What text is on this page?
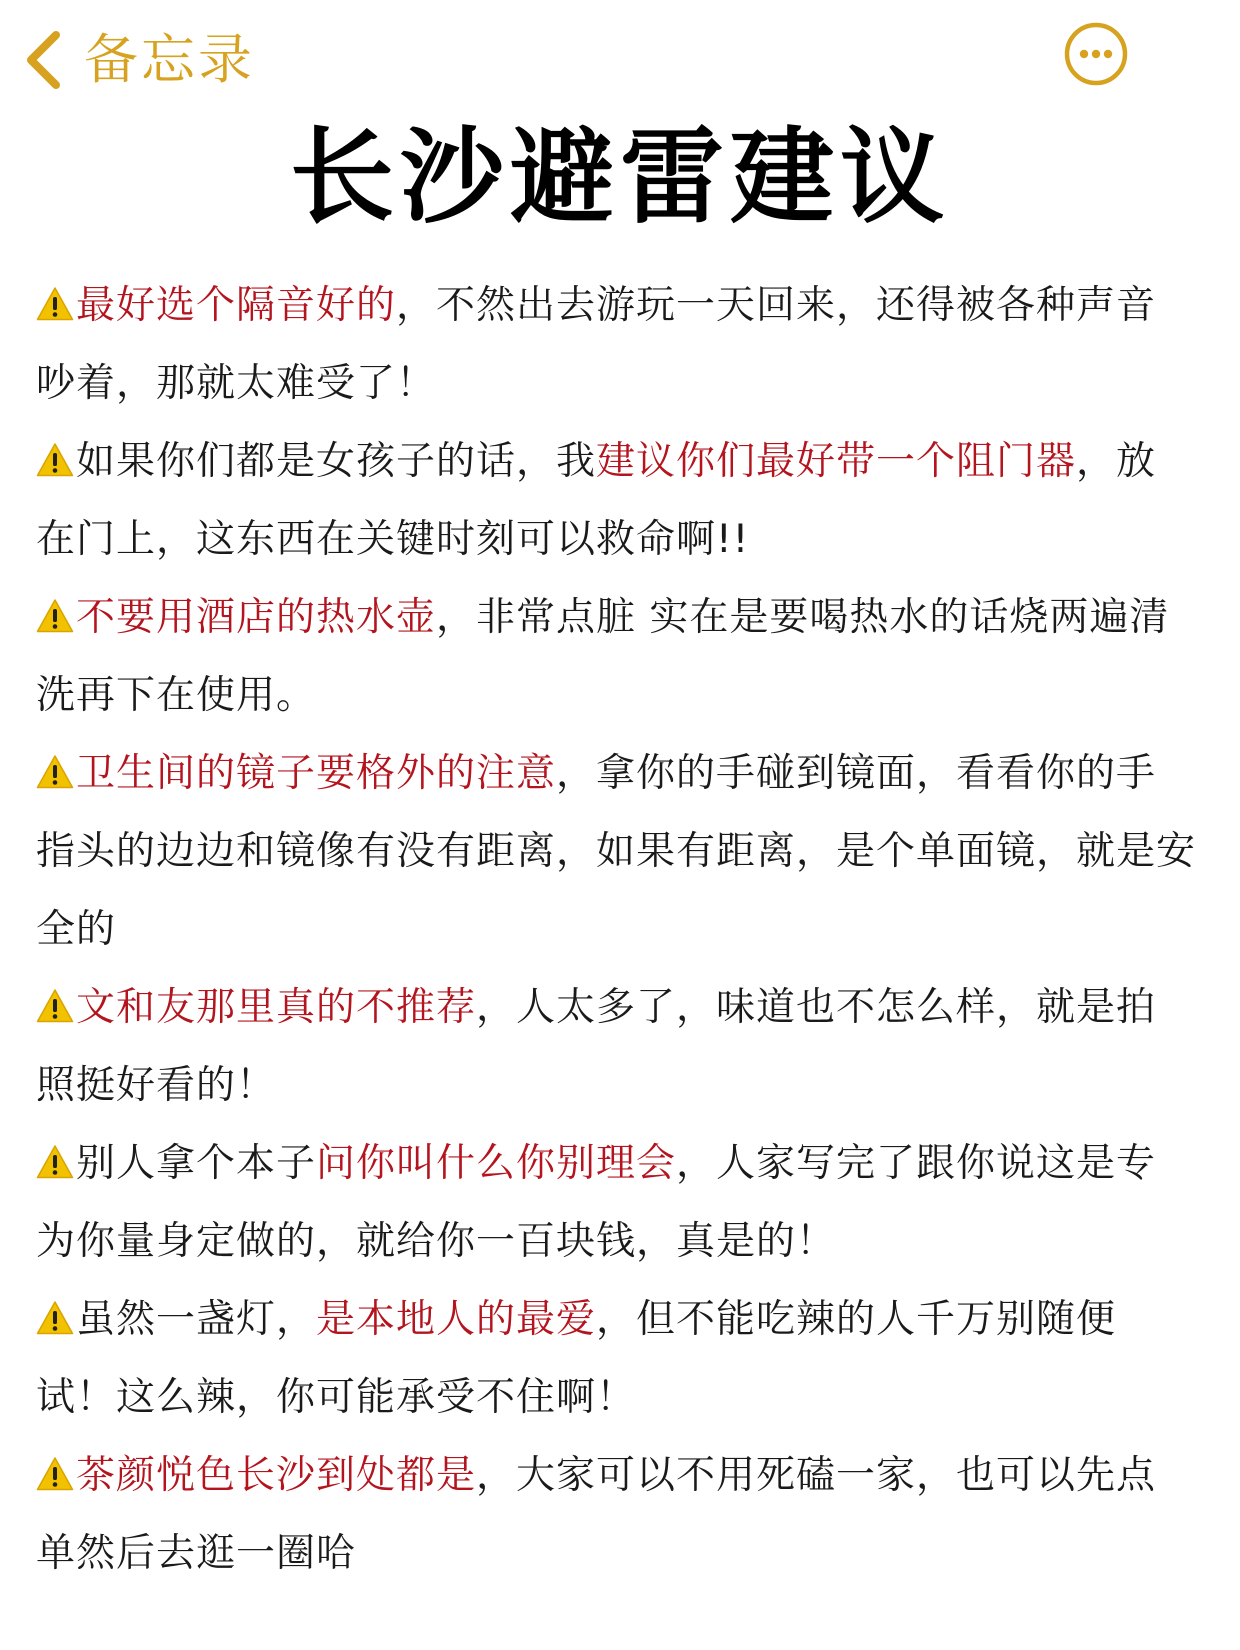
备忘录
长沙避雷建议

最好选个隔音好的，不然出去游玩一天回来，还得被各种声音吵着，那就太难受了！

如果你们都是女孩子的话，我建议你们最好带一个阻门器，放在门上，这东西在关键时刻可以救命啊!!

不要用酒店的热水壶，非常点脏 实在是要喝热水的话烧两遍清洗再下在使用。

卫生间的镜子要格外的注意，拿你的手碰到镜面，看看你的手指头的边边和镜像有没有距离，如果有距离，是个单面镜，就是安全的

文和友那里真的不推荐，人太多了，味道也不怎么样，就是拍照挺好看的！

别人拿个本子问你叫什么你别理会，人家写完了跟你说这是专为你量身定做的，就给你一百块钱，真是的！

虽然一盏灯，是本地人的最爱，但不能吃辣的人千万别随便试！这么辣，你可能承受不住啊！

茶颜悦色长沙到处都是，大家可以不用死磕一家，也可以先点单然后去逛一圈哈
